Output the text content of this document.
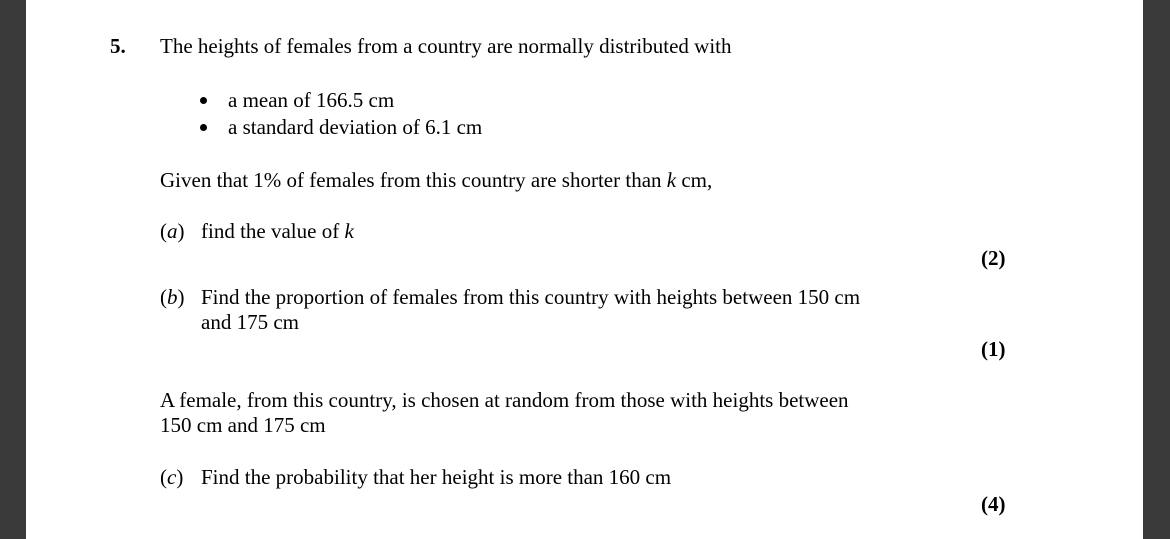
5. The heights of females from a country are normally distributed with
a mean of 166.5 cm
a standard deviation of 6.1 cm
Given that 1% of females from this country are shorter than k cm,
(a) find the value of k
(2)
(b) Find the proportion of females from this country with heights between 150 cm
and 175 cm
(1)
A female, from this country, is chosen at random from those with heights between
150 cm and 175 cm
(c) Find the probability that her height is more than 160 cm
(4)
